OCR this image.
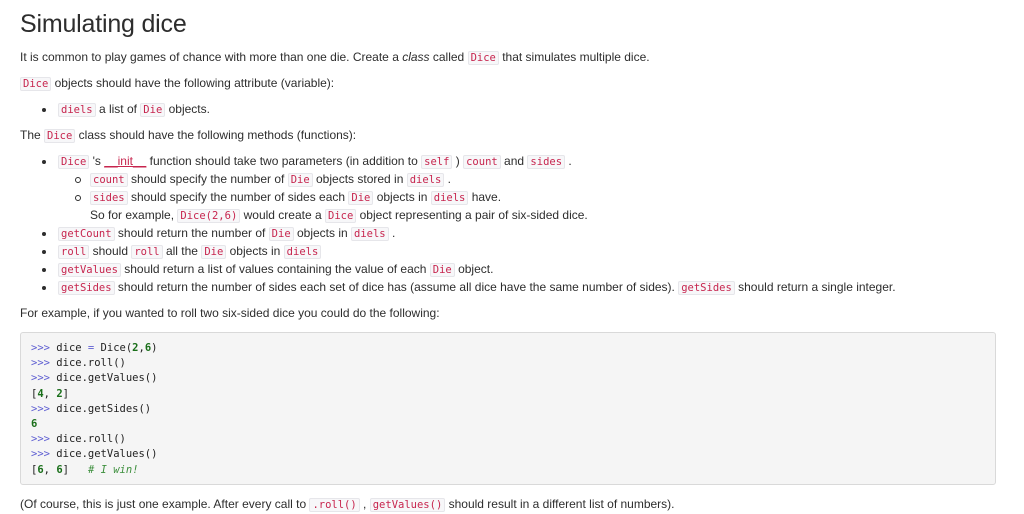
Simulating dice

It is common to play games of chance with more than one die. Create a class called Dice that simulates multiple dice.

Dice objects should have the following attribute (variable):

diels a list of Die objects.

The Dice class should have the following methods (functions):

Dice 's __init__ function should take two parameters (in addition to self ) count and sides .
count should specify the number of Die objects stored in diels .
sides should specify the number of sides each Die objects in diels have.
So for example, Dice(2,6) would create a Dice object representing a pair of six-sided dice.
getCount should return the number of Die objects in diels .
roll should roll all the Die objects in diels
getValues should return a list of values containing the value of each Die object.
getSides should return the number of sides each set of dice has (assume all dice have the same number of sides). getSides should return a single integer.

For example, if you wanted to roll two six-sided dice you could do the following:

>>> dice = Dice(2,6)
>>> dice.roll()
>>> dice.getValues()
[4, 2]
>>> dice.getSides()
6
>>> dice.roll()
>>> dice.getValues()
[6, 6] # I win!

(Of course, this is just one example. After every call to .roll() , getValues() should result in a different list of numbers).
